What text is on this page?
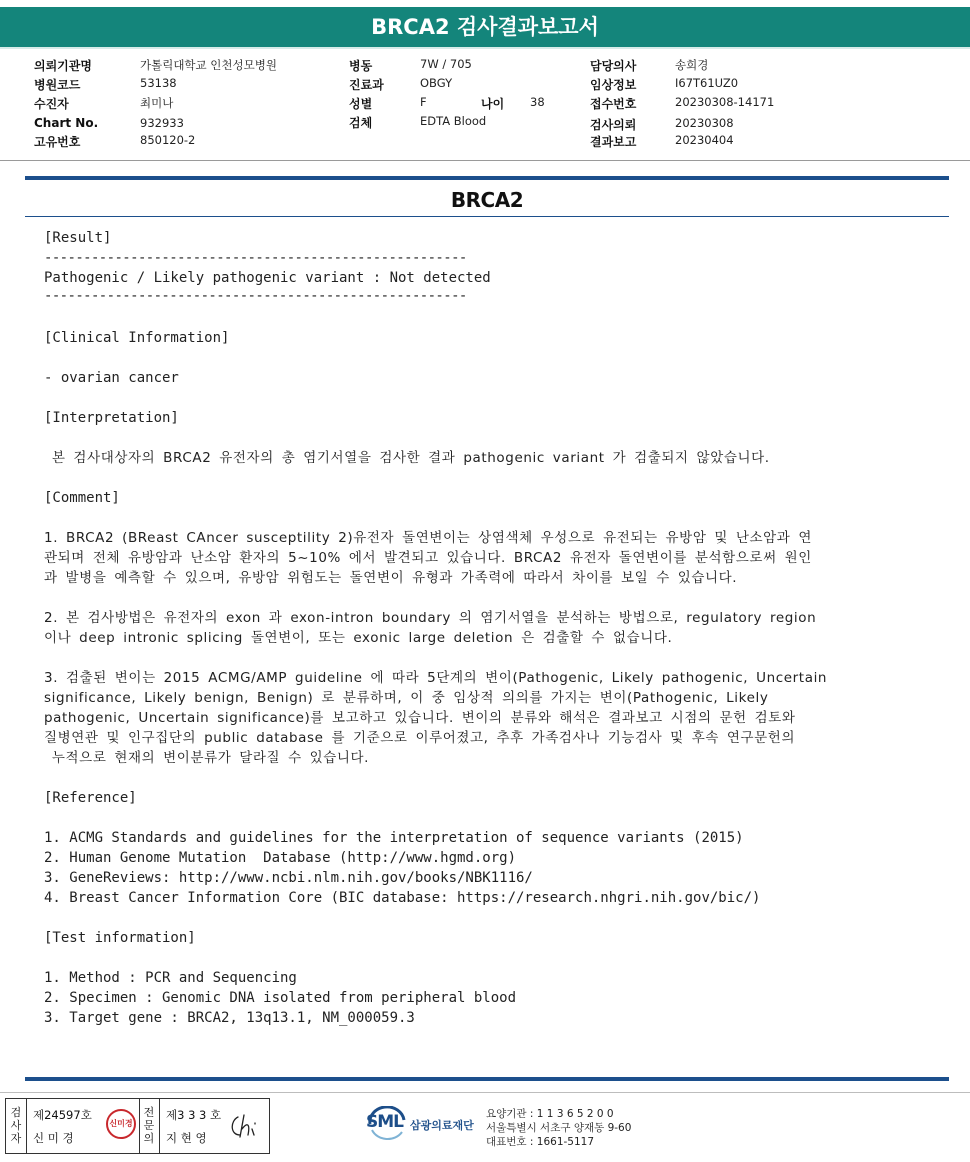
BRCA2 검사결과보고서
의뢰기관명	가톨릭대학교 인천성모병원
병원코드	53138
수진자	최미나
Chart No.	932933
고유번호	850120-2
병동	7W / 705
진료과	OBGY
성별	F	나이 38
검체	EDTA Blood
담당의사	송희경
임상정보	I67T61UZ0
접수번호	20230308-14171
검사의뢰	20230308
결과보고	20230404
BRCA2
[Result]
------------------------------------------------------
Pathogenic / Likely pathogenic variant : Not detected
------------------------------------------------------
[Clinical Information]
- ovarian cancer
[Interpretation]
본 검사대상자의 BRCA2 유전자의 총 염기서열을 검사한 결과 pathogenic variant 가 검출되지 않았습니다.
[Comment]
1. BRCA2 (BReast CAncer susceptility 2)유전자 돌연변이는 상염색체 우성으로 유전되는 유방암 및 난소암과 연
관되며 전체 유방암과 난소암 환자의 5~10% 에서 발견되고 있습니다. BRCA2 유전자 돌연변이를 분석함으로써 원인
과 발병을 예측할 수 있으며, 유방암 위험도는 돌연변이 유형과 가족력에 따라서 차이를 보일 수 있습니다.
2. 본 검사방법은 유전자의 exon 과 exon-intron boundary 의 염기서열을 분석하는 방법으로, regulatory region
이나 deep intronic splicing 돌연변이, 또는 exonic large deletion 은 검출할 수 없습니다.
3. 검출된 변이는 2015 ACMG/AMP guideline 에 따라 5단계의 변이(Pathogenic, Likely pathogenic, Uncertain
significance, Likely benign, Benign) 로 분류하며, 이 중 임상적 의의를 가지는 변이(Pathogenic, Likely
pathogenic, Uncertain significance)를 보고하고 있습니다. 변이의 분류와 해석은 결과보고 시점의 문헌 검토와
질병연관 및 인구집단의 public database 를 기준으로 이루어졌고, 추후 가족검사나 기능검사 및 후속 연구문헌의
누적으로 현재의 변이분류가 달라질 수 있습니다.
[Reference]
1. ACMG Standards and guidelines for the interpretation of sequence variants (2015)
2. Human Genome Mutation  Database (http://www.hgmd.org)
3. GeneReviews: http://www.ncbi.nlm.nih.gov/books/NBK1116/
4. Breast Cancer Information Core (BIC database: https://research.nhgri.nih.gov/bic/)
[Test information]
1. Method : PCR and Sequencing
2. Specimen : Genomic DNA isolated from peripheral blood
3. Target gene : BRCA2, 13q13.1, NM_000059.3
검사자
제24597호
신 미 경
신미경
전문의
제3 3 3 호
지 현 영
SML 삼광의료재단
요양기관 : 1 1 3 6 5 2 0 0
서울특별시 서초구 양재동 9-60
대표번호 : 1661-5117
